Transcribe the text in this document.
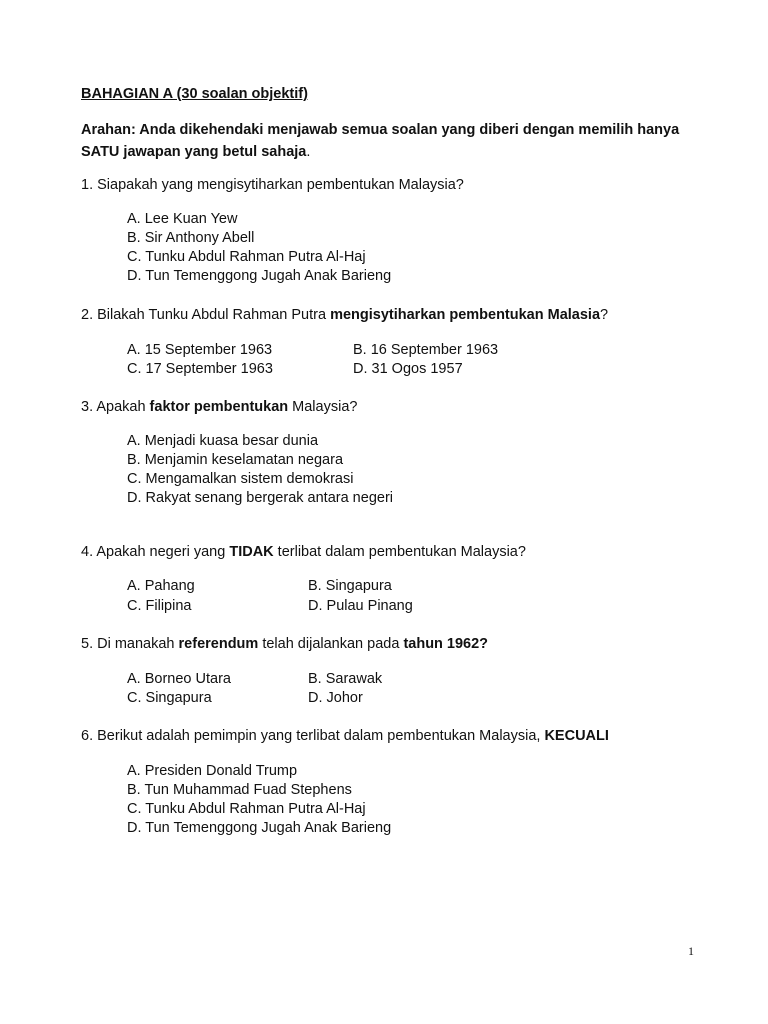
BAHAGIAN A (30 soalan objektif)
Arahan: Anda dikehendaki menjawab semua soalan yang diberi dengan memilih hanya SATU jawapan yang betul sahaja.
1. Siapakah yang mengisytiharkan pembentukan Malaysia?
A. Lee Kuan Yew
B. Sir Anthony Abell
C. Tunku Abdul Rahman Putra Al-Haj
D. Tun Temenggong Jugah Anak Barieng
2. Bilakah Tunku Abdul Rahman Putra mengisytiharkan pembentukan Malasia?
A. 15 September 1963	B. 16 September 1963
C. 17 September 1963	D. 31 Ogos 1957
3. Apakah faktor pembentukan Malaysia?
A. Menjadi kuasa besar dunia
B. Menjamin keselamatan negara
C. Mengamalkan sistem demokrasi
D. Rakyat senang bergerak antara negeri
4. Apakah negeri yang TIDAK terlibat dalam pembentukan Malaysia?
A. Pahang	B. Singapura
C. Filipina	D. Pulau Pinang
5. Di manakah referendum telah dijalankan pada tahun 1962?
A. Borneo Utara	B. Sarawak
C. Singapura	D. Johor
6. Berikut adalah pemimpin yang terlibat dalam pembentukan Malaysia, KECUALI
A. Presiden Donald Trump
B. Tun Muhammad Fuad Stephens
C. Tunku Abdul Rahman Putra Al-Haj
D. Tun Temenggong Jugah Anak Barieng
1
